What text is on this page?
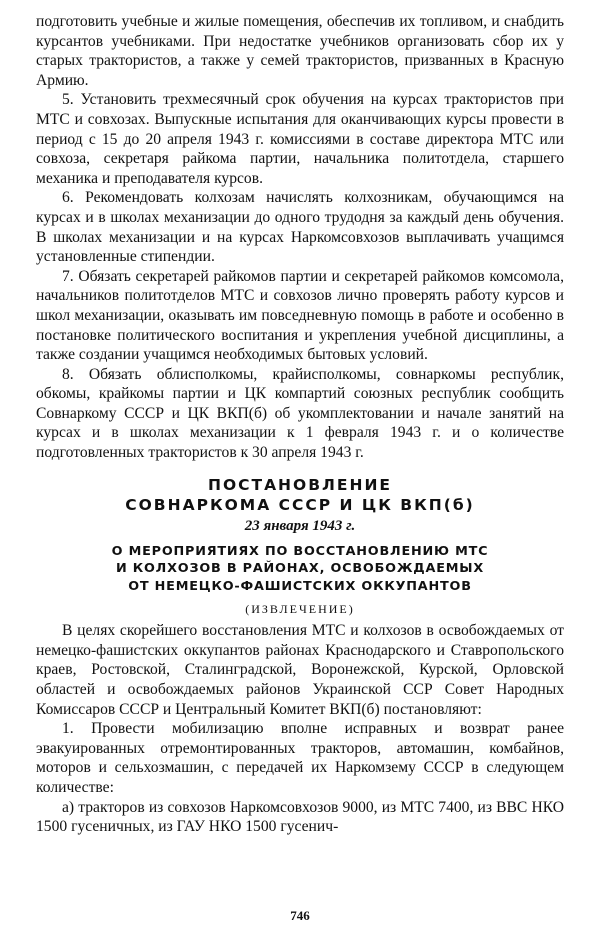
подготовить учебные и жилые помещения, обеспечив их топливом, и снабдить курсантов учебниками. При недостатке учебников организовать сбор их у старых трактористов, а также у семей трактористов, призванных в Красную Армию.

5. Установить трехмесячный срок обучения на курсах трактористов при МТС и совхозах. Выпускные испытания для оканчивающих курсы провести в период с 15 до 20 апреля 1943 г. комиссиями в составе директора МТС или совхоза, секретаря райкома партии, начальника политотдела, старшего механика и преподавателя курсов.

6. Рекомендовать колхозам начислять колхозникам, обучающимся на курсах и в школах механизации до одного трудодня за каждый день обучения. В школах механизации и на курсах Наркомсовхозов выплачивать учащимся установленные стипендии.

7. Обязать секретарей райкомов партии и секретарей райкомов комсомола, начальников политотделов МТС и совхозов лично проверять работу курсов и школ механизации, оказывать им повседневную помощь в работе и особенно в постановке политического воспитания и укрепления учебной дисциплины, а также создании учащимся необходимых бытовых условий.

8. Обязать облисполкомы, крайисполкомы, совнаркомы республик, обкомы, крайкомы партии и ЦК компартий союзных республик сообщить Совнаркому СССР и ЦК ВКП(б) об укомплектовании и начале занятий на курсах и в школах механизации к 1 февраля 1943 г. и о количестве подготовленных трактористов к 30 апреля 1943 г.

ПОСТАНОВЛЕНИЕ
СОВНАРКОМА СССР И ЦК ВКП(б)
23 января 1943 г.
О МЕРОПРИЯТИЯХ ПО ВОССТАНОВЛЕНИЮ МТС
И КОЛХОЗОВ В РАЙОНАХ, ОСВОБОЖДАЕМЫХ
ОТ НЕМЕЦКО-ФАШИСТСКИХ ОККУПАНТОВ
(ИЗВЛЕЧЕНИЕ)

В целях скорейшего восстановления МТС и колхозов в освобождаемых от немецко-фашистских оккупантов районах Краснодарского и Ставропольского краев, Ростовской, Сталинградской, Воронежской, Курской, Орловской областей и освобождаемых районов Украинской ССР Совет Народных Комиссаров СССР и Центральный Комитет ВКП(б) постановляют:

1. Провести мобилизацию вполне исправных и возврат ранее эвакуированных отремонтированных тракторов, автомашин, комбайнов, моторов и сельхозмашин, с передачей их Наркомзему СССР в следующем количестве:

а) тракторов из совхозов Наркомсовхозов 9000, из МТС 7400, из ВВС НКО 1500 гусеничных, из ГАУ НКО 1500 гусенич-

746
